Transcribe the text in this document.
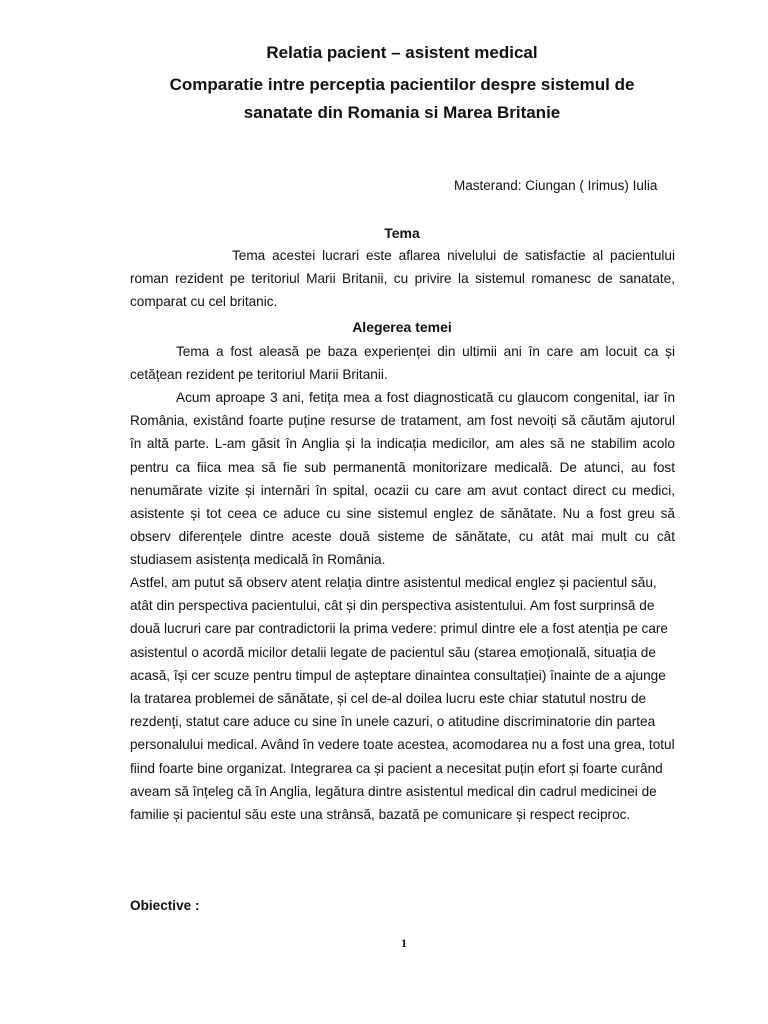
Relatia pacient – asistent medical
Comparatie intre perceptia pacientilor despre sistemul de
sanatate din Romania si Marea Britanie
Masterand: Ciungan ( Irimus) Iulia
Tema

Tema acestei lucrari este aflarea nivelului de satisfactie al pacientului roman rezident pe teritoriul Marii Britanii, cu privire la sistemul romanesc de sanatate, comparat cu cel britanic.

Alegerea temei

Tema a fost aleasă pe baza experienței din ultimii ani în care am locuit ca și cetățean rezident pe teritoriul Marii Britanii.

Acum aproape 3 ani, fetița mea a fost diagnosticată cu glaucom congenital, iar în România, existând foarte puține resurse de tratament, am fost nevoiți să căutăm ajutorul în altă parte. L-am găsit în Anglia și la indicația medicilor, am ales să ne stabilim acolo pentru ca fiica mea să fie sub permanentă monitorizare medicală. De atunci, au fost nenumărate vizite și internări în spital, ocazii cu care am avut contact direct cu medici, asistente și tot ceea ce aduce cu sine sistemul englez de sănătate. Nu a fost greu să observ diferențele dintre aceste două sisteme de sănătate, cu atât mai mult cu cât studiasem asistența medicală în România.

Astfel, am putut să observ atent relația dintre asistentul medical englez și pacientul său, atât din perspectiva pacientului, cât și din perspectiva asistentului. Am fost surprinsă de două lucruri care par contradictorii la prima vedere: primul dintre ele a fost atenția pe care asistentul o acordă micilor detalii legate de pacientul său (starea emoțională, situația de acasă, își cer scuze pentru timpul de așteptare dinaintea consultației) înainte de a ajunge la tratarea problemei de sănătate, și cel de-al doilea lucru este chiar statutul nostru de rezdenți, statut care aduce cu sine în unele cazuri, o atitudine discriminatorie din partea personalului medical. Având în vedere toate acestea, acomodarea nu a fost una grea, totul fiind foarte bine organizat. Integrarea ca și pacient a necesitat puțin efort și foarte curând aveam să înțeleg că în Anglia, legătura dintre asistentul medical din cadrul medicinei de familie și pacientul său este una strânsă, bazată pe comunicare și respect reciproc.

Obiective :
1
